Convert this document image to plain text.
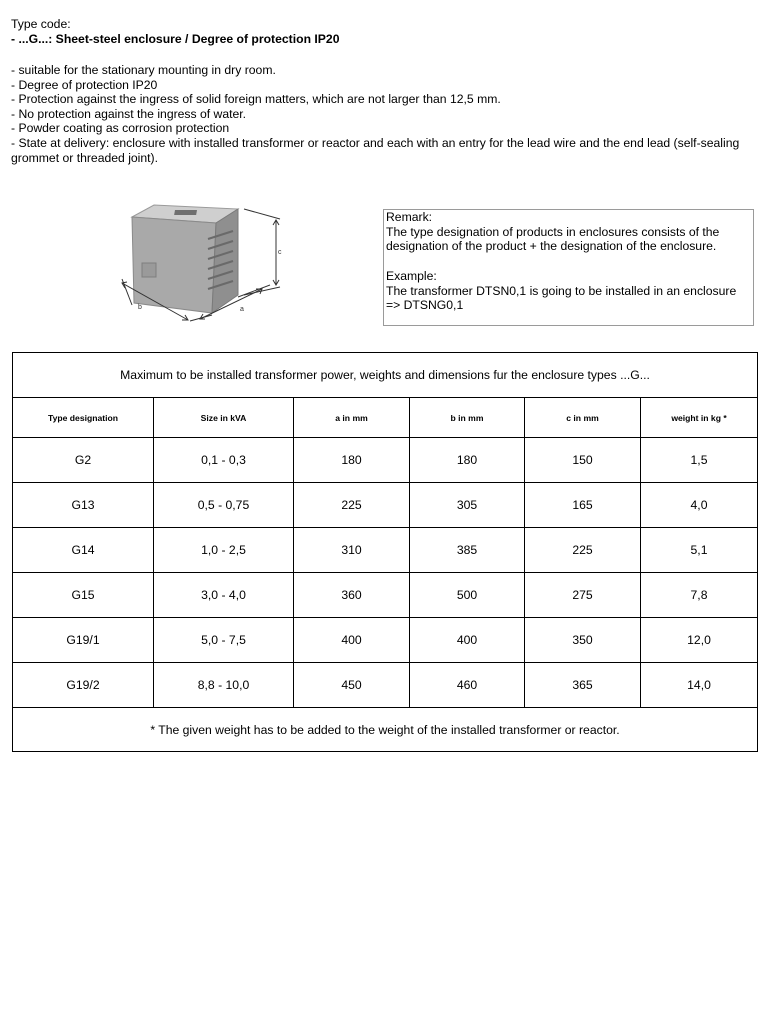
Type code:
- ...G...: Sheet-steel enclosure / Degree of protection IP20
- suitable for the stationary mounting in dry room.
- Degree of protection IP20
- Protection against the ingress of solid foreign matters, which are not larger than 12,5 mm.
- No protection against the ingress of water.
- Powder coating as corrosion protection
- State at delivery: enclosure with installed transformer or reactor and each with an entry for the lead wire and the end lead (self-sealing grommet or threaded joint).
c
b	a

Remark:

The type designation of products in enclosures consists of the designation of the product + the designation of the enclosure.

Example:

The transformer DTSN0,1 is going to be installed in an enclosure => DTSNG0,1

Maximum to be installed transformer power, weights and dimensions fur the enclosure types ...G...					
Type designation	Size in kVA	a in mm	b in mm	c in mm	weight in kg *
G2	0,1 - 0,3	180	180	150	1,5
G13	0,5 - 0,75	225	305	165	4,0
G14	1,0 - 2,5	310	385	225	5,1
G15	3,0 - 4,0	360	500	275	7,8
G19/1	5,0 - 7,5	400	400	350	12,0
G19/2	8,8 - 10,0	450	460	365	14,0
* The given weight has to be added to the weight of the installed transformer or reactor.					
